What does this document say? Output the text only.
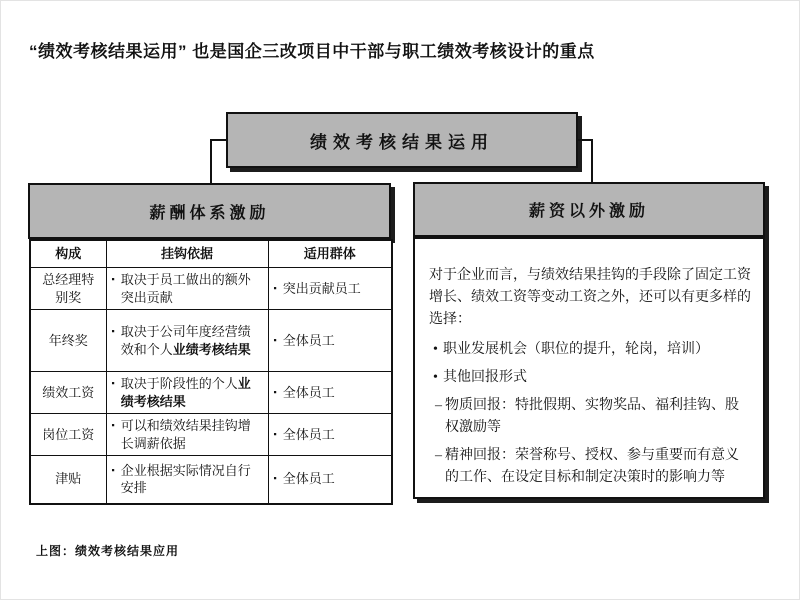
“绩效考核结果运用” 也是国企三改项目中干部与职工绩效考核设计的重点
绩效考核结果运用
薪酬体系激励	薪资以外激励
构成	挂钩依据	适用群体
总经理特别奖	▪ 取决于员工做出的额外突出贡献	▪ 突出贡献员工

年终奖	▪ 取决于公司年度经营绩效和个人业绩考核结果	▪ 全体员工

绩效工资	▪ 取决于阶段性的个人业绩考核结果	▪ 全体员工

岗位工资	▪ 可以和绩效结果挂钩增长调薪依据	▪ 全体员工

津贴	▪ 企业根据实际情况自行安排	▪ 全体员工

对于企业而言，与绩效结果挂钩的手段除了固定工资增长、绩效工资等变动工资之外，还可以有更多样的选择：

• 职业发展机会（职位的提升，轮岗，培训）

• 其他回报形式

– 物质回报：特批假期、实物奖品、福利挂钩、股权激励等

– 精神回报：荣誉称号、授权、参与重要而有意义的工作、在设定目标和制定决策时的影响力等

上图：绩效考核结果应用
